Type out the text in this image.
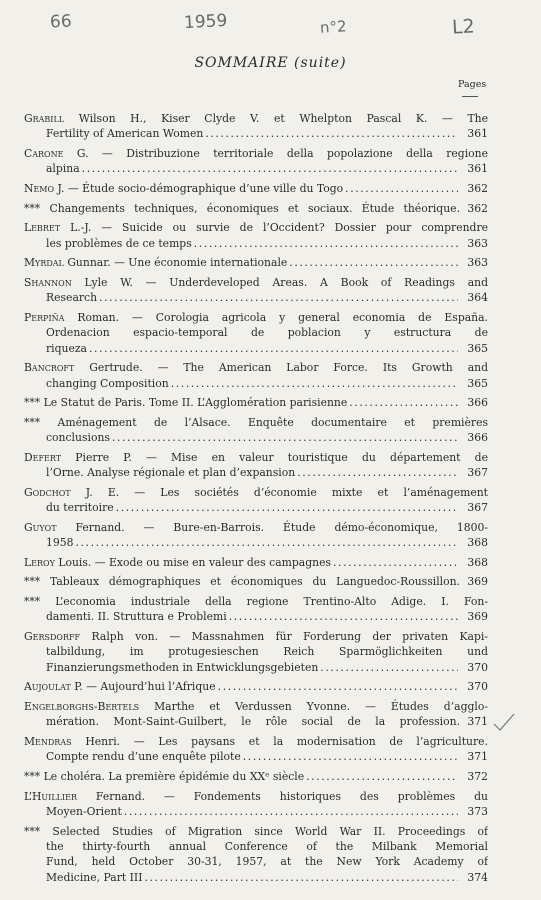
66	1959	n°2	L2
SOMMAIRE (suite)
Pages
Grabill Wilson H., Kiser Clyde V. et Whelpton Pascal K. — The
Fertility of American Women .....	361
Carone G. — Distribuzione territoriale della popolazione della regione
alpina .....	361
Nemo J. — Étude socio-démographique d’une ville du Togo .....	362
*** Changements techniques, économiques et sociaux. Étude théorique. 362
Lebret L.-J. — Suicide ou survie de l’Occident? Dossier pour comprendre
les problèmes de ce temps .....	363
Myrdal Gunnar. — Une économie internationale .....	363
Shannon Lyle W. — Underdeveloped Areas. A Book of Readings and
Research .....	364
Perpiña Roman. — Corologia agricola y general economia de España.
Ordenacion espacio-temporal de poblacion y estructura de
riqueza .....	365
Bancroft Gertrude. — The American Labor Force. Its Growth and
changing Composition .....	365
*** Le Statut de Paris. Tome II. L’Agglomération parisienne .....	366
*** Aménagement de l’Alsace. Enquête documentaire et premières
conclusions .....	366
Defert Pierre P. — Mise en valeur touristique du département de
l’Orne. Analyse régionale et plan d’expansion .....	367
Godchot J. E. — Les sociétés d’économie mixte et l’aménagement
du territoire .....	367
Guyot Fernand. — Bure-en-Barrois. Étude démo-économique, 1800-
1958 .....	368
Leroy Louis. — Exode ou mise en valeur des campagnes .....	368
*** Tableaux démographiques et économiques du Languedoc-Roussillon. 369
*** L’economia industriale della regione Trentino-Alto Adige. I. Fon-
damenti. II. Struttura e Problemi .....	369
Gersdorff Ralph von. — Massnahmen für Forderung der privaten Kapi-
talbildung, im protugesieschen Reich Sparmöglichkeiten und
Finanzierungsmethoden in Entwicklungsgebieten .....	370
Aujoulat P. — Aujourd’hui l’Afrique .....	370
Engelborghs-Bertels Marthe et Verdussen Yvonne. — Études d’agglo-
mération. Mont-Saint-Guilbert, le rôle social de la profession. 371
Mendras Henri. — Les paysans et la modernisation de l’agriculture.
Compte rendu d’une enquête pilote .....	371
*** Le choléra. La première épidémie du XXᵉ siècle .....	372
L’Huillier Fernand. — Fondements historiques des problèmes du
Moyen-Orient .....	373
*** Selected Studies of Migration since World War II. Proceedings of
the thirty-fourth annual Conference of the Milbank Memorial
Fund, held October 30-31, 1957, at the New York Academy of
Medicine, Part III .....	374
